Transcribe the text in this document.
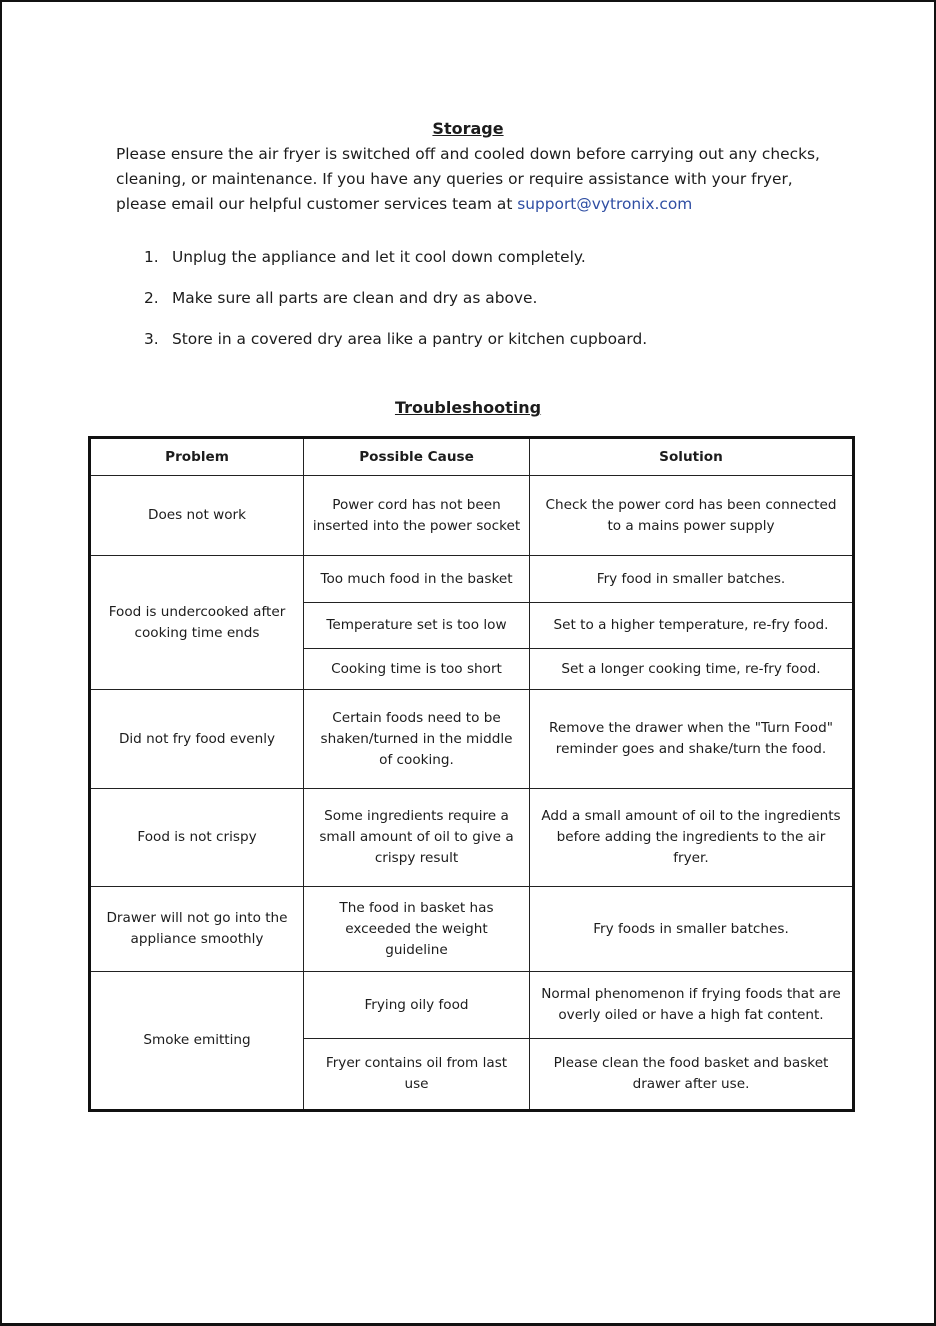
Storage

Please ensure the air fryer is switched off and cooled down before carrying out any checks, cleaning, or maintenance. If you have any queries or require assistance with your fryer, please email our helpful customer services team at support@vytronix.com

1. Unplug the appliance and let it cool down completely.
2. Make sure all parts are clean and dry as above.
3. Store in a covered dry area like a pantry or kitchen cupboard.
Troubleshooting
Problem	Possible Cause	Solution
Does not work	Power cord has not been inserted into the power socket	Check the power cord has been connected to a mains power supply
Food is undercooked after cooking time ends	Too much food in the basket	Fry food in smaller batches.
	Temperature set is too low	Set to a higher temperature, re-fry food.
	Cooking time is too short	Set a longer cooking time, re-fry food.
Did not fry food evenly	Certain foods need to be shaken/turned in the middle of cooking.	Remove the drawer when the "Turn Food" reminder goes and shake/turn the food.
Food is not crispy	Some ingredients require a small amount of oil to give a crispy result	Add a small amount of oil to the ingredients before adding the ingredients to the air fryer.
Drawer will not go into the appliance smoothly	The food in basket has exceeded the weight guideline	Fry foods in smaller batches.
Smoke emitting	Frying oily food	Normal phenomenon if frying foods that are overly oiled or have a high fat content.
	Fryer contains oil from last use	Please clean the food basket and basket drawer after use.
